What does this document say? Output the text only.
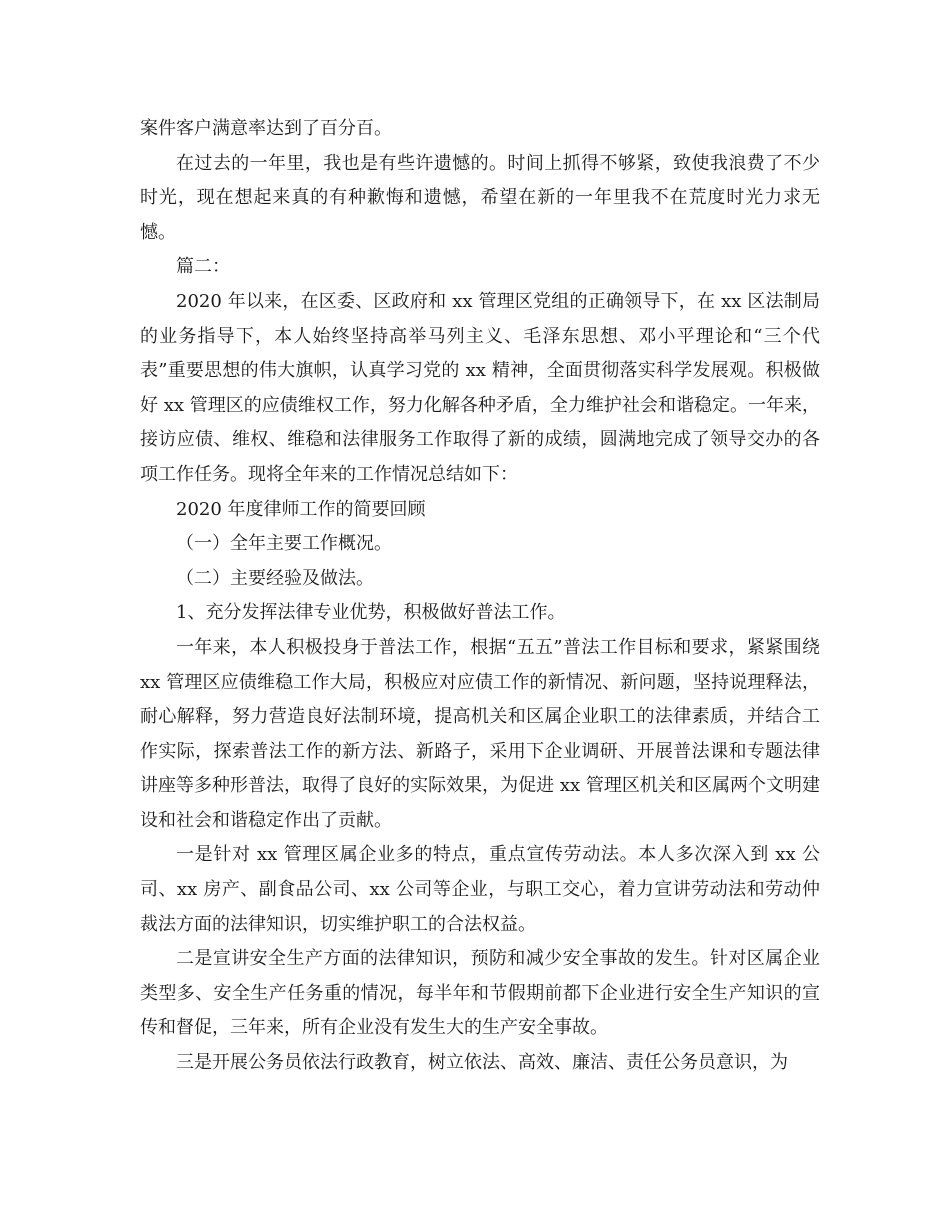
案件客户满意率达到了百分百。

在过去的一年里，我也是有些许遗憾的。时间上抓得不够紧，致使我浪费了不少时光，现在想起来真的有种歉悔和遗憾，希望在新的一年里我不在荒度时光力求无憾。

篇二：

2020 年以来，在区委、区政府和 xx 管理区党组的正确领导下，在 xx 区法制局的业务指导下，本人始终坚持高举马列主义、毛泽东思想、邓小平理论和“三个代表”重要思想的伟大旗帜，认真学习党的 xx 精神，全面贯彻落实科学发展观。积极做好 xx 管理区的应债维权工作，努力化解各种矛盾，全力维护社会和谐稳定。一年来，接访应债、维权、维稳和法律服务工作取得了新的成绩，圆满地完成了领导交办的各项工作任务。现将全年来的工作情况总结如下：

2020 年度律师工作的简要回顾

（一）全年主要工作概况。

（二）主要经验及做法。

1、充分发挥法律专业优势，积极做好普法工作。

一年来，本人积极投身于普法工作，根据“五五”普法工作目标和要求，紧紧围绕 xx 管理区应债维稳工作大局，积极应对应债工作的新情况、新问题，坚持说理释法，耐心解释，努力营造良好法制环境，提高机关和区属企业职工的法律素质，并结合工作实际，探索普法工作的新方法、新路子，采用下企业调研、开展普法课和专题法律讲座等多种形普法，取得了良好的实际效果，为促进 xx 管理区机关和区属两个文明建设和社会和谐稳定作出了贡献。

一是针对 xx 管理区属企业多的特点，重点宣传劳动法。本人多次深入到 xx 公司、xx 房产、副食品公司、xx 公司等企业，与职工交心，着力宣讲劳动法和劳动仲裁法方面的法律知识，切实维护职工的合法权益。

二是宣讲安全生产方面的法律知识，预防和减少安全事故的发生。针对区属企业类型多、安全生产任务重的情况，每半年和节假期前都下企业进行安全生产知识的宣传和督促，三年来，所有企业没有发生大的生产安全事故。

三是开展公务员依法行政教育，树立依法、高效、廉洁、责任公务员意识，为
